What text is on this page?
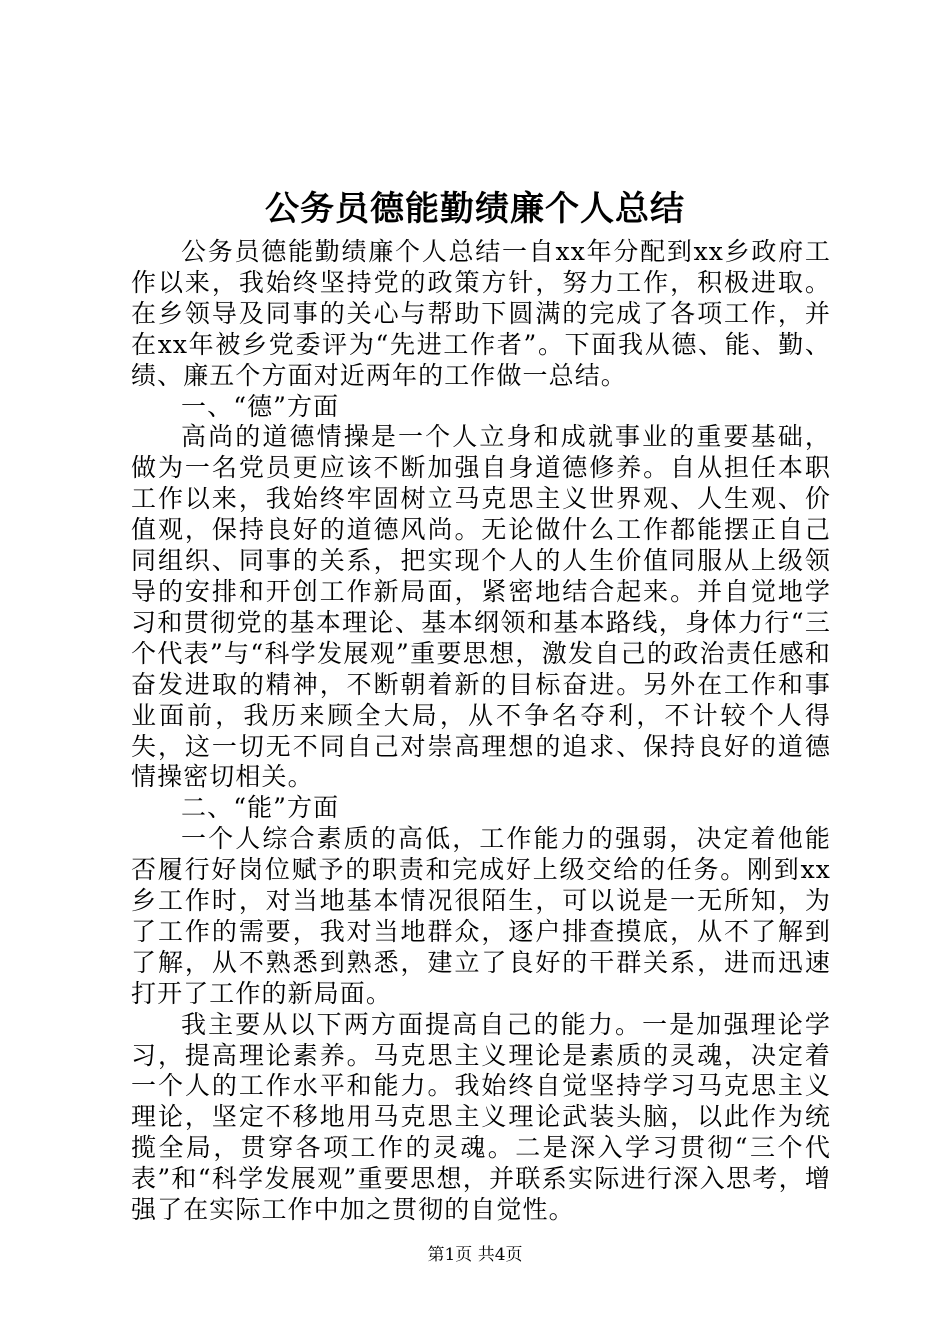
公务员德能勤绩廉个人总结

公务员德能勤绩廉个人总结一自xx年分配到xx乡政府工作以来，我始终坚持党的政策方针，努力工作，积极进取。在乡领导及同事的关心与帮助下圆满的完成了各项工作，并在xx年被乡党委评为“先进工作者”。下面我从德、能、勤、绩、廉五个方面对近两年的工作做一总结。

一、“德”方面

高尚的道德情操是一个人立身和成就事业的重要基础，做为一名党员更应该不断加强自身道德修养。自从担任本职工作以来，我始终牢固树立马克思主义世界观、人生观、价值观，保持良好的道德风尚。无论做什么工作都能摆正自己同组织、同事的关系，把实现个人的人生价值同服从上级领导的安排和开创工作新局面，紧密地结合起来。并自觉地学习和贯彻党的基本理论、基本纲领和基本路线，身体力行“三个代表”与“科学发展观”重要思想，激发自己的政治责任感和奋发进取的精神，不断朝着新的目标奋进。另外在工作和事业面前，我历来顾全大局，从不争名夺利，不计较个人得失，这一切无不同自己对崇高理想的追求、保持良好的道德情操密切相关。

二、“能”方面

一个人综合素质的高低，工作能力的强弱，决定着他能否履行好岗位赋予的职责和完成好上级交给的任务。刚到xx乡工作时，对当地基本情况很陌生，可以说是一无所知，为了工作的需要，我对当地群众，逐户排查摸底，从不了解到了解，从不熟悉到熟悉，建立了良好的干群关系，进而迅速打开了工作的新局面。

我主要从以下两方面提高自己的能力。一是加强理论学习，提高理论素养。马克思主义理论是素质的灵魂，决定着一个人的工作水平和能力。我始终自觉坚持学习马克思主义理论，坚定不移地用马克思主义理论武装头脑，以此作为统揽全局，贯穿各项工作的灵魂。二是深入学习贯彻“三个代表”和“科学发展观”重要思想，并联系实际进行深入思考，增强了在实际工作中加之贯彻的自觉性。

第1页 共4页
